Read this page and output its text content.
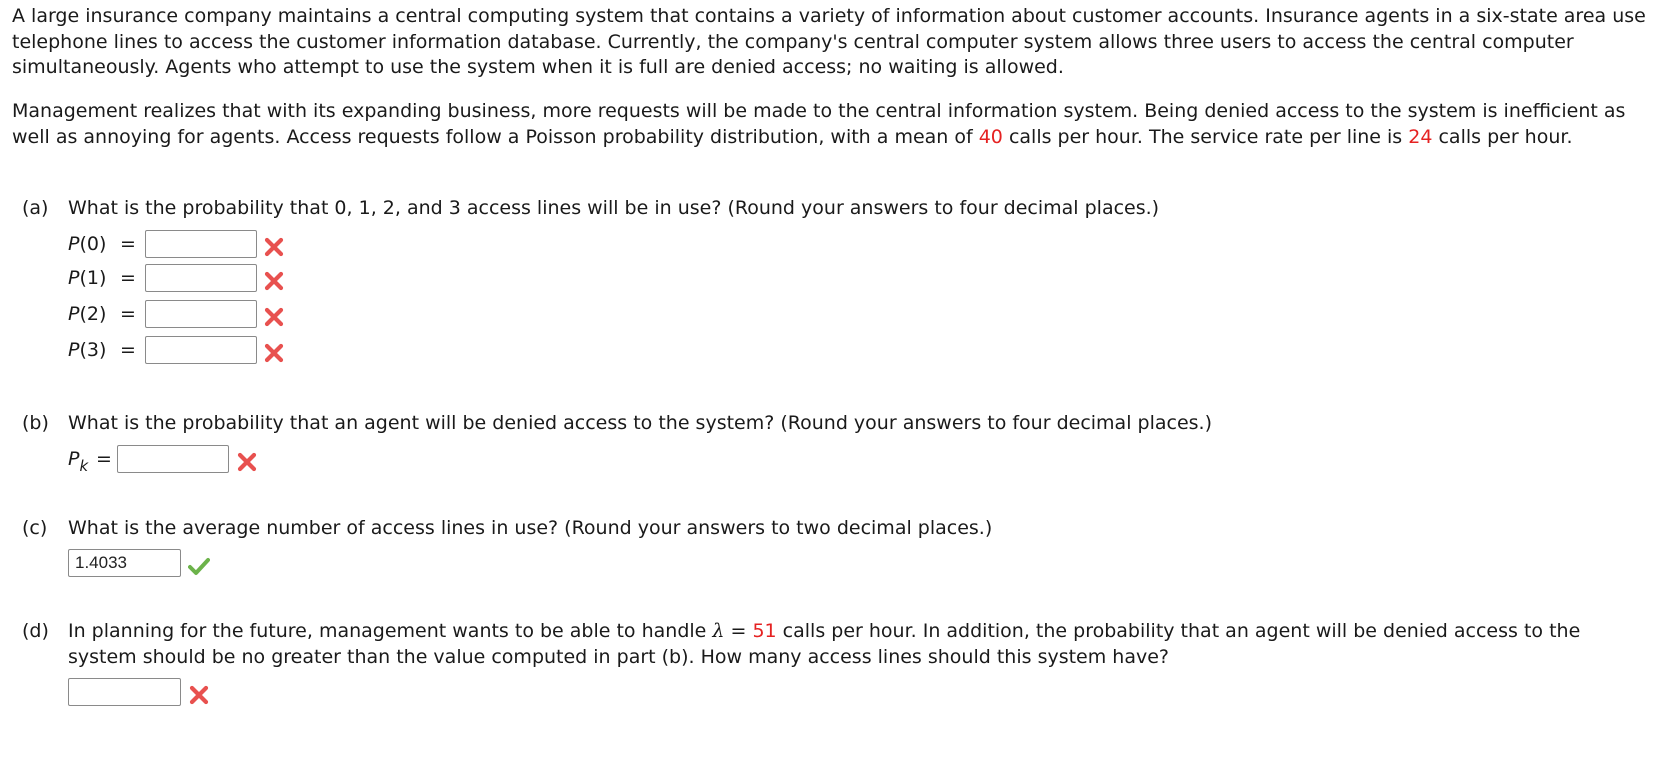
A large insurance company maintains a central computing system that contains a variety of information about customer accounts. Insurance agents in a six-state area use telephone lines to access the customer information database. Currently, the company's central computer system allows three users to access the central computer simultaneously. Agents who attempt to use the system when it is full are denied access; no waiting is allowed.

Management realizes that with its expanding business, more requests will be made to the central information system. Being denied access to the system is inefficient as well as annoying for agents. Access requests follow a Poisson probability distribution, with a mean of 40 calls per hour. The service rate per line is 24 calls per hour.

(a) What is the probability that 0, 1, 2, and 3 access lines will be in use? (Round your answers to four decimal places.)
P(0) =
P(1) =
P(2) =
P(3) =
(b) What is the probability that an agent will be denied access to the system? (Round your answers to four decimal places.)
$P_k$ =
(c) What is the average number of access lines in use? (Round your answers to two decimal places.)
1.4033
(d) In planning for the future, management wants to be able to handle λ = 51 calls per hour. In addition, the probability that an agent will be denied access to the system should be no greater than the value computed in part (b). How many access lines should this system have?
